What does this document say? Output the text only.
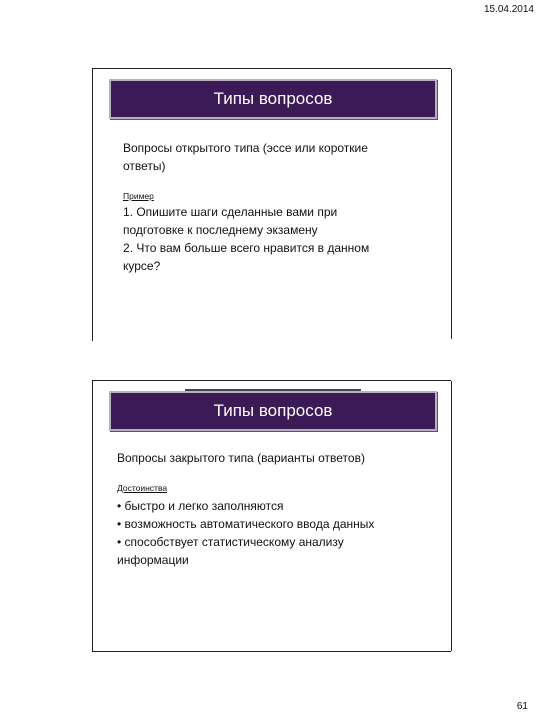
15.04.2014
Типы вопросов
Вопросы открытого типа (эссе или короткие
ответы)
Пример
1. Опишите шаги сделанные вами при
подготовке к последнему экзамену
2. Что вам больше всего нравится в данном
курсе?
Типы вопросов
Вопросы закрытого типа (варианты ответов)
Достоинства
• быстро и легко заполняются
• возможность автоматического ввода данных
• способствует статистическому анализу
информации
61
